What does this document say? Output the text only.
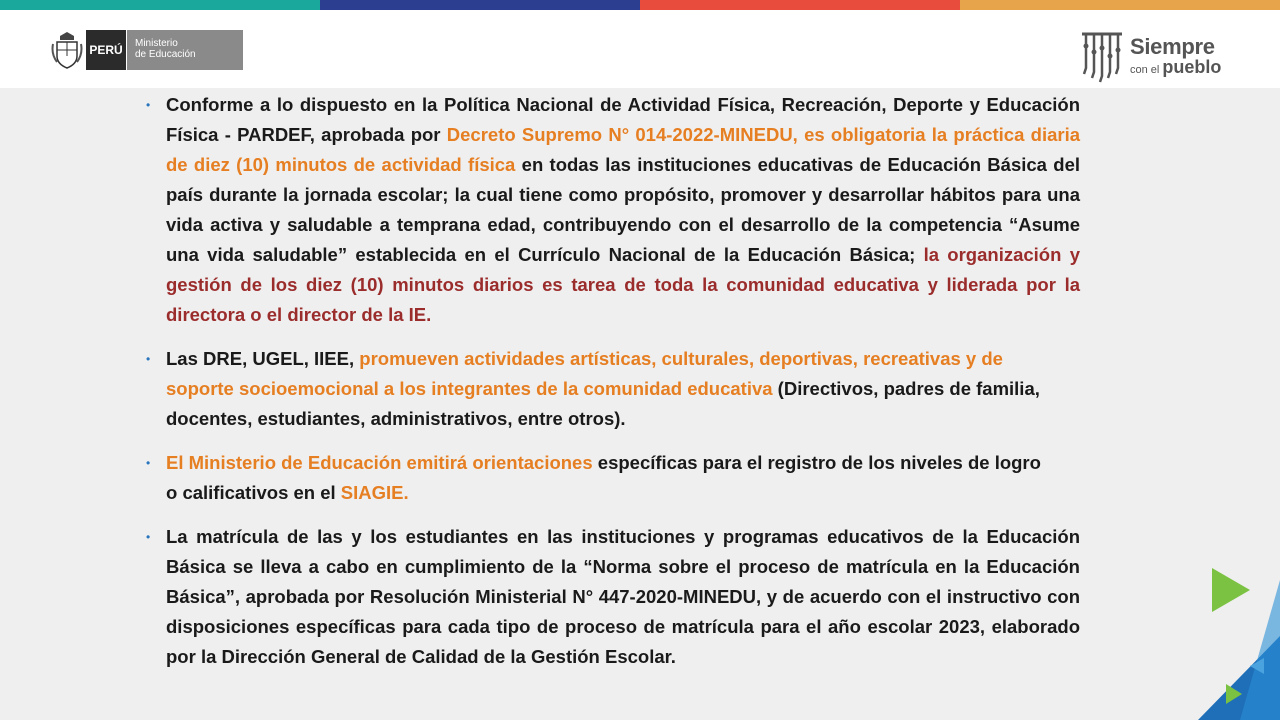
PERÚ	Ministerio
de Educación	Siempre
con el pueblo
• Conforme a lo dispuesto en la Política Nacional de Actividad Física, Recreación, Deporte y Educación Física - PARDEF, aprobada por Decreto Supremo N° 014-2022-MINEDU, es obligatoria la práctica diaria de diez (10) minutos de actividad física en todas las instituciones educativas de Educación Básica del país durante la jornada escolar; la cual tiene como propósito, promover y desarrollar hábitos para una vida activa y saludable a temprana edad, contribuyendo con el desarrollo de la competencia “Asume una vida saludable” establecida en el Currículo Nacional de la Educación Básica; la organización y gestión de los diez (10) minutos diarios es tarea de toda la comunidad educativa y liderada por la directora o el director de la IE.

• Las DRE, UGEL, IIEE, promueven actividades artísticas, culturales, deportivas, recreativas y de soporte socioemocional a los integrantes de la comunidad educativa (Directivos, padres de familia, docentes, estudiantes, administrativos, entre otros).

• El Ministerio de Educación emitirá orientaciones específicas para el registro de los niveles de logro o calificativos en el SIAGIE.

• La matrícula de las y los estudiantes en las instituciones y programas educativos de la Educación Básica se lleva a cabo en cumplimiento de la “Norma sobre el proceso de matrícula en la Educación Básica”, aprobada por Resolución Ministerial N° 447-2020-MINEDU, y de acuerdo con el instructivo con disposiciones específicas para cada tipo de proceso de matrícula para el año escolar 2023, elaborado por la Dirección General de Calidad de la Gestión Escolar.
